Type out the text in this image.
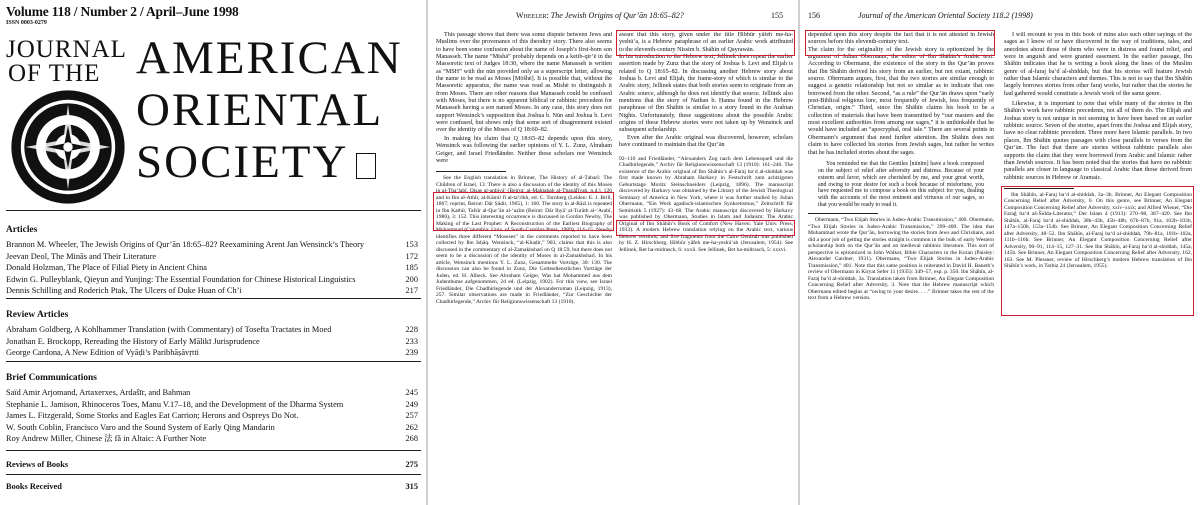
Volume 118 / Number 2 / April–June 1998
ISSN 0003-0279
JOURNAL
OF THE AMERICAN
ORIENTAL
SOCIETY
Articles
Brannon M. Wheeler, The Jewish Origins of Qur’ān 18:65–82? Reexamining Arent Jan Wensinck’s Theory	153
Jeevan Deol, The Minās and Their Literature	172
Donald Holzman, The Place of Filial Piety in Ancient China	185
Edwin G. Pulleyblank, Qieyun and Yunjing: The Essential Foundation for Chinese Historical Linguistics	200
Dennis Schilling and Roderich Ptak, The Ulcers of Duke Huan of Ch’i	217
Review Articles
Abraham Goldberg, A Kohlhammer Translation (with Commentary) of Tosefta Tractates in Moed	228
Jonathan E. Brockopp, Rereading the History of Early Mālikī Jurisprudence	233
George Cardona, A New Edition of Vyāḍi’s Paribhāṣāvṛtti	239
Brief Communications
Saïd Amir Arjomand, Artaxerxes, Ardašīr, and Bahman	245
Stephanie L. Jamison, Rhinoceros Toes, Manu V.17–18, and the Development of the Dharma System	249
James L. Fitzgerald, Some Storks and Eagles Eat Carrion; Herons and Ospreys Do Not.	257
W. South Coblin, Francisco Varo and the Sound System of Early Qing Mandarin	262
Roy Andrew Miller, Chinese 法 fǎ in Altaic: A Further Note	268
Reviews of Books	275
Books Received	315
Wheeler: The Jewish Origins of Qur’ān 18:65–82?	155

This passage shows that there was some dispute between Jews and Muslims over the provenance of this theodicy story. There also seems to have been some confusion about the name of Joseph’s first-born son Manasseh. The name “Mishā” probably depends on a ketib-qīr’ē in the Massoretic text of Judges 18:30, where the name Manasseh is written as “MSH” with the nūn provided only as a superscript letter, allowing the name to be read as Moses [Mōšhē]. It is possible that, without the Massoretic apparatus, the name was read as Mishē to distinguish it from Moses. There are other reasons that Manasseh could be confused with Moses, but there is no apparent biblical or rabbinic precedent for Manasseh having a son named Moses. In any case, this story does not support Wensinck’s supposition that Joshua b. Nūn and Joshua b. Levi were confused, but shows only that some sort of disagreement existed over the identity of the Moses of Q 18:60–82.

In making his claim that Q 18:65–82 depends upon this story, Wensinck was following the earlier opinions of Y. L. Zunz, Abraham Geiger, and Israel Friedländer. Neither these scholars nor Wensinck were

See the English translation in Brinner, The History of al-Ṭabarī: The Children of Israel, 13. There is also a discussion of the identity of this Moses in al-Tha‘labī, Qiṣaṣ al-anbiyā’ (Beirut: al-Maktabah al-Thaqāfīyah, n.d.), 126 and in Ibn al-Athīr, al-Kāmil fī al-ta’rīkh, ed. C. Tornberg (Leiden: E. J. Brill, 1867; reprint, Beirut: Dār Ṣādir, 1965), 1: 160. The story in al-Rāzī is repeated in Ibn Kathīr, Tafsīr al-Qur’ān al-‘aẓīm (Beirut: Dār Iḥyā’ al-Turāth al-‘Arabī, 1980), 3: 152. This interesting occurrence is discussed in Gordon Newby, The Making of the Last Prophet: A Reconstruction of the Earliest Biography of Muhammad (Columbia: Univ. of South Carolina Press, 1989), 114–15. Newby identifies three different “Moseses” in the comments reported to have been collected by Ibn Isḥāq. Wensinck, “al-Khaḍir,” 903, claims that this is also discussed in the commentary of al-Zamakhsharī on Q 18:59, but there does not seem to be a discussion of the identity of Moses in al-Zamakhsharī. In his article, Wensinck mentions Y. L. Zunz, Gesammelte Vorträge, 30: 130. The discussion can also be found in Zunz, Die Gottesdienstlichen Vorträge der Juden, ed. H. Albeck. See Abraham Geiger, Was hat Mohammed aus dem Judenthume aufgenommen, 2d ed. (Leipzig, 1902). For this view, see Israel Friedländer, Die Chadhirlegende und der Alexanderroman (Leipzig, 1913), 257. Similar observations are made in Friedländer, “Zur Geschichte der Chadhirlegende,” Archiv für Religionswissenschaft 13 (1910).

aware that this story, given under the title Ḥibbūr yāfeh me-ha-yeshū‘a, is a Hebrew paraphrase of an earlier Arabic work attributed to the eleventh-century Nissim b. Shāhīn of Qayrawān.

In his introduction to the Hebrew text, Jellinek does repeat the earlier assertion made by Zunz that the story of Joshua b. Levi and Elijah is related to Q 18:65–82. In discussing another Hebrew story about Joshua b. Levi and Elijah, the frame-story of which is similar to the Arabic story, Jellinek states that both stories seem to originate from an Arabic source, although he does not identify that source. Jellinek also mentions that the story of Nathan b. Ḥanna found in the Hebrew paraphrase of Ibn Shāhīn is similar to a story found in the Arabian Nights. Unfortunately, these suggestions about the possible Arabic origins of these Hebrew stories were not taken up by Wensinck and subsequent scholarship.

Even after the Arabic original was discovered, however, scholars have continued to maintain that the Qur’ān

92–110 and Friedländer, “Alexanders Zug nach dem Lebensquell und die Chadhirlegende,” Archiv für Religionswissenschaft 13 (1910): 161–246. The existence of the Arabic original of Ibn Shāhīn’s al-Faraj ba‘d al-shiddah was first made known by Abraham Harkavy in Festschrift zum achtzigsten Geburtstage Moritz Steinschneiders (Leipzig, 1896). The manuscript discovered by Harkavy was obtained by the Library of the Jewish Theological Seminary of America in New York, where it was further studied by Julian Obermann, “Ein Werk agadisch-islamischen Synkretismus,” Zeitschrift für Semitistik 5 (1927): 43–68. The Arabic manuscript discovered by Harkavy was published by Obermann, Studies in Islam and Judaism: The Arabic Original of Ibn Shāhīn’s Book of Comfort (New Haven: Yale Univ. Press, 1933). A modern Hebrew translation relying on the Arabic text, various Hebrew versions, and five fragments from the Cairo Genizah was published by H. Z. Hirschberg, Ḥibbūr yāfeh me-ha-yeshū‘ah (Jerusalem, 1954). See Jellinek, Bet ha-midrasch, 6: xxxii. See Jellinek, Bet ha-midrasch, 5: xxxvi.

156	Journal of the American Oriental Society 118.2 (1998)

depended upon this story despite the fact that it is not attested in Jewish sources before this eleventh-century text.

The claim for the originality of the Jewish story is epitomized by the argument of Julian Obermann, the editor of Ibn Shāhīn’s Arabic text. According to Obermann, the existence of the story in the Qur’ān proves that Ibn Shāhīn derived his story from an earlier, but not extant, rabbinic source. Obermann argues, first, that the two stories are similar enough to suggest a genetic relationship but not so similar as to indicate that one borrowed from the other. Second, “as a rule” the Qur’ān draws upon “early post-Biblical religious lore, most frequently of Jewish, less frequently of Christian, origin.” Third, since Ibn Shāhīn claims his book to be a collection of materials that have been transmitted by “our masters and the most excellent authorities from among our sages,” it is unthinkable that he would have included an “apocryphal, oral tale.” There are several points in Obermann’s argument that need further attention. Ibn Shāhīn does not claim to have collected his stories from Jewish sages, but rather he writes that he has included stories about the sages.

You reminded me that the Gentiles [mīnīm] have a book composed on the subject of relief after adversity and distress. Because of your esteem and favor, which are cherished by me, and your great worth, and owing to your desire for such a book because of misfortune, you have requested me to compose a book on this subject for you, dealing with the accounts of the most eminent and virtuous of our sages, so that you would be ready to read it.

Obermann, “Two Elijah Stories in Judeo-Arabic Transmission,” 400. Obermann, “Two Elijah Stories in Judeo-Arabic Transmission,” 399–400. The idea that Muhammad wrote the Qur’ān, borrowing the stories from Jews and Christians, and did a poor job of getting the stories straight is common in the bulk of early Western scholarship both on the Qur’ān and on medieval rabbinic literature. This sort of perspective is epitomized in John Walker, Bible Characters in the Koran (Paisley: Alexander Gardner, 1931). Obermann, “Two Elijah Stories in Judeo-Arabic Transmission,” 401. Note that this same position is reiterated in David H. Baneth’s review of Obermann in Kiryat Sefer 11 (1935): 349–57, esp. p. 350. Ibn Shāhīn, al-Faraj ba‘d al-shiddah, 3a. Translation taken from Brinner, An Elegant Composition Concerning Relief after Adversity, 3. Note that the Hebrew manuscript which Obermann edited begins at “owing to your desire. . . .” Brinner takes the rest of the text from a Hebrew version.

I will recount to you in this book of mine also such other sayings of the sages as I know of or have discovered in the way of traditions, tales, and anecdotes about those of them who were in distress and found relief, and were in anguish and were granted easement. In the earlier passage, Ibn Shāhīn indicates that he is writing a book along the lines of the Muslim genre of al-faraj ba‘d al-shiddah, but that his stories will feature Jewish rather than Islamic characters and themes. This is not to say that Ibn Shāhīn largely borrows stories from other faraj works, but rather that the stories he had gathered would constitute a Jewish work of the same genre.

Likewise, it is important to note that while many of the stories in Ibn Shāhīn’s work have rabbinic precedents, not all of them do. The Elijah and Joshua story is not unique in not seeming to have been based on an earlier rabbinic source. Seven of the stories, apart from the Joshua and Elijah story, have no clear rabbinic precedent. Three more have Islamic parallels. In two places, Ibn Shāhīn quotes passages with close parallels to verses from the Qur’ān. The fact that there are stories without rabbinic parallels also supports the claim that they were borrowed from Arabic and Islamic rather than Jewish sources. It has been noted that the stories that have no rabbinic parallels are closer in language to classical Arabic than those derived from rabbinic sources in Hebrew or Aramaic.

Ibn Shāhīn, al-Faraj ba‘d al-shiddah, 3a–3b. Brinner, An Elegant Composition Concerning Relief after Adversity, 6. On this genre, see Brinner, An Elegant Composition Concerning Relief after Adversity, xxiv–xxix; and Alfred Wiener, “Die Faraǧ ba‘d aš-Šidda-Literatur,” Der Islam 4 (1913): 270–98, 387–420. See Ibn Shāhīn, al-Faraj ba‘d al-shiddah, 38b–43b, 45b–48b, 67b–87b, 91a, 102b–103b, 147a–150b, 153a–154b. See Brinner, An Elegant Composition Concerning Relief after Adversity, 48–52. Ibn Shāhīn, al-Faraj ba‘d al-shiddah, 79b–81a, 101b–102a, 111b–116b. See Brinner, An Elegant Composition Concerning Relief after Adversity, 90–91, 114–15, 127–31. See Ibn Shāhīn, al-Faraj ba‘d al-shiddah, 145a, 145b. See Brinner, An Elegant Composition Concerning Relief after Adversity, 162, 163. See M. Plessner, review of Hirschberg’s modern Hebrew translation of Ibn Shāhīn’s work, in Tarbiẓ 24 (Jerusalem, 1955).
